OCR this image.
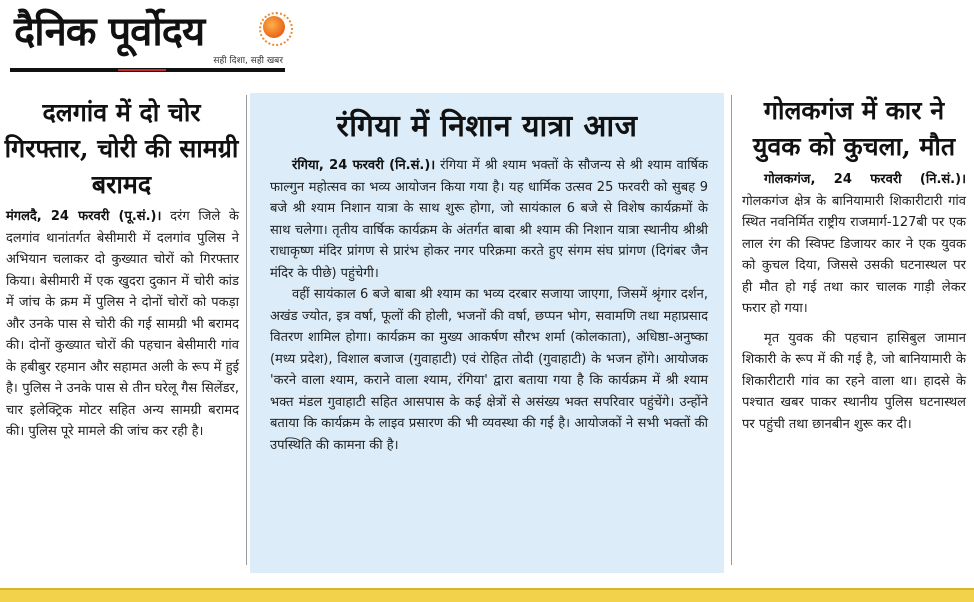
दैनिक पूर्वोदय
सही दिशा, सही खबर
दलगांव में दो चोर गिरफ्तार, चोरी की सामग्री बरामद
मंगलदै, 24 फरवरी (पू.सं.)। दरंग जिले के दलगांव थानांतर्गत बेसीमारी में दलगांव पुलिस ने अभियान चलाकर दो कुख्यात चोरों को गिरफ्तार किया। बेसीमारी में एक खुदरा दुकान में चोरी कांड में जांच के क्रम में पुलिस ने दोनों चोरों को पकड़ा और उनके पास से चोरी की गई सामग्री भी बरामद की। दोनों कुख्यात चोरों की पहचान बेसीमारी गांव के हबीबुर रहमान और सहामत अली के रूप में हुई है। पुलिस ने उनके पास से तीन घरेलू गैस सिलेंडर, चार इलेक्ट्रिक मोटर सहित अन्य सामग्री बरामद की। पुलिस पूरे मामले की जांच कर रही है।
रंगिया में निशान यात्रा आज

रंगिया, 24 फरवरी (नि.सं.)। रंगिया में श्री श्याम भक्तों के सौजन्य से श्री श्याम वार्षिक फाल्गुन महोत्सव का भव्य आयोजन किया गया है। यह धार्मिक उत्सव 25 फरवरी को सुबह 9 बजे श्री श्याम निशान यात्रा के साथ शुरू होगा, जो सायंकाल 6 बजे से विशेष कार्यक्रमों के साथ चलेगा। तृतीय वार्षिक कार्यक्रम के अंतर्गत बाबा श्री श्याम की निशान यात्रा स्थानीय श्रीश्री राधाकृष्ण मंदिर प्रांगण से प्रारंभ होकर नगर परिक्रमा करते हुए संगम संघ प्रांगण (दिगंबर जैन मंदिर के पीछे) पहुंचेगी।

वहीं सायंकाल 6 बजे बाबा श्री श्याम का भव्य दरबार सजाया जाएगा, जिसमें श्रृंगार दर्शन, अखंड ज्योत, इत्र वर्षा, फूलों की होली, भजनों की वर्षा, छप्पन भोग, सवामणि तथा महाप्रसाद वितरण शामिल होगा। कार्यक्रम का मुख्य आकर्षण सौरभ शर्मा (कोलकाता), अधिष्ठा-अनुष्का (मध्य प्रदेश), विशाल बजाज (गुवाहाटी) एवं रोहित तोदी (गुवाहाटी) के भजन होंगे। आयोजक 'करने वाला श्याम, कराने वाला श्याम, रंगिया' द्वारा बताया गया है कि कार्यक्रम में श्री श्याम भक्त मंडल गुवाहाटी सहित आसपास के कई क्षेत्रों से असंख्य भक्त सपरिवार पहुंचेंगे। उन्होंने बताया कि कार्यक्रम के लाइव प्रसारण की भी व्यवस्था की गई है। आयोजकों ने सभी भक्तों की उपस्थिति की कामना की है।

गोलकगंज में कार ने युवक को कुचला, मौत

गोलकगंज, 24 फरवरी (नि.सं.)। गोलकगंज क्षेत्र के बानियामारी शिकारीटारी गांव स्थित नवनिर्मित राष्ट्रीय राजमार्ग-127बी पर एक लाल रंग की स्विफ्ट डिजायर कार ने एक युवक को कुचल दिया, जिससे उसकी घटनास्थल पर ही मौत हो गई तथा कार चालक गाड़ी लेकर फरार हो गया।

मृत युवक की पहचान हासिबुल जामान शिकारी के रूप में की गई है, जो बानियामारी के शिकारीटारी गांव का रहने वाला था। हादसे के पश्चात खबर पाकर स्थानीय पुलिस घटनास्थल पर पहुंची तथा छानबीन शुरू कर दी।
